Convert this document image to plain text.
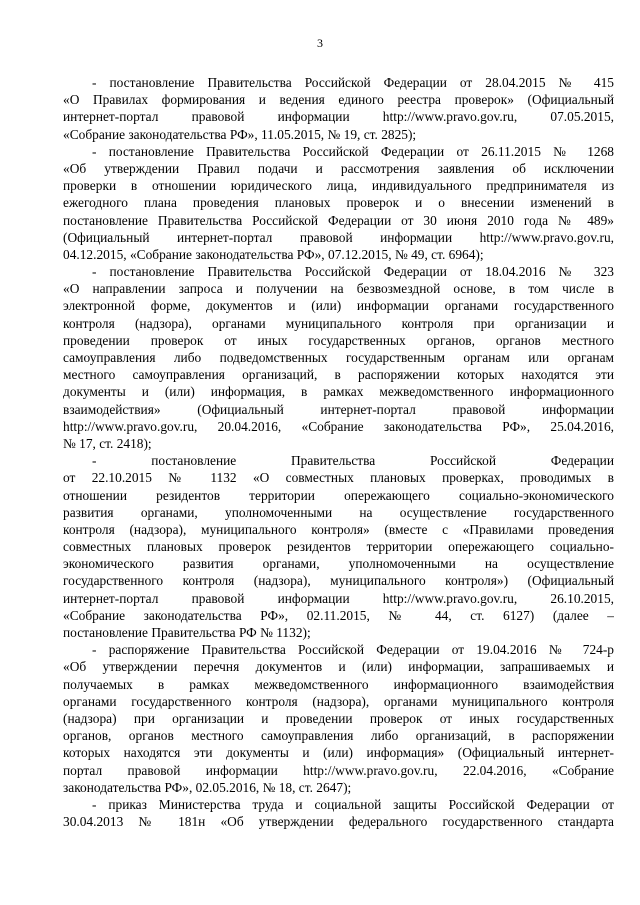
3
- постановление Правительства Российской Федерации от 28.04.2015 № 415
«О Правилах формирования и ведения единого реестра проверок» (Официальный
интернет-портал правовой информации http://www.pravo.gov.ru, 07.05.2015,
«Собрание законодательства РФ», 11.05.2015, № 19, ст. 2825);
- постановление Правительства Российской Федерации от 26.11.2015 № 1268
«Об утверждении Правил подачи и рассмотрения заявления об исключении
проверки в отношении юридического лица, индивидуального предпринимателя из
ежегодного плана проведения плановых проверок и о внесении изменений в
постановление Правительства Российской Федерации от 30 июня 2010 года № 489»
(Официальный интернет-портал правовой информации http://www.pravo.gov.ru,
04.12.2015, «Собрание законодательства РФ», 07.12.2015, № 49, ст. 6964);
- постановление Правительства Российской Федерации от 18.04.2016 № 323
«О направлении запроса и получении на безвозмездной основе, в том числе в
электронной форме, документов и (или) информации органами государственного
контроля (надзора), органами муниципального контроля при организации и
проведении проверок от иных государственных органов, органов местного
самоуправления либо подведомственных государственным органам или органам
местного самоуправления организаций, в распоряжении которых находятся эти
документы и (или) информация, в рамках межведомственного информационного
взаимодействия» (Официальный интернет-портал правовой информации
http://www.pravo.gov.ru, 20.04.2016, «Собрание законодательства РФ», 25.04.2016,
№ 17, ст. 2418);
- постановление Правительства Российской Федерации
от 22.10.2015 № 1132 «О совместных плановых проверках, проводимых в
отношении резидентов территории опережающего социально-экономического
развития органами, уполномоченными на осуществление государственного
контроля (надзора), муниципального контроля» (вместе с «Правилами проведения
совместных плановых проверок резидентов территории опережающего социально-
экономического развития органами, уполномоченными на осуществление
государственного контроля (надзора), муниципального контроля») (Официальный
интернет-портал правовой информации http://www.pravo.gov.ru, 26.10.2015,
«Собрание законодательства РФ», 02.11.2015, № 44, ст. 6127) (далее –
постановление Правительства РФ № 1132);
- распоряжение Правительства Российской Федерации от 19.04.2016 № 724-р
«Об утверждении перечня документов и (или) информации, запрашиваемых и
получаемых в рамках межведомственного информационного взаимодействия
органами государственного контроля (надзора), органами муниципального контроля
(надзора) при организации и проведении проверок от иных государственных
органов, органов местного самоуправления либо организаций, в распоряжении
которых находятся эти документы и (или) информация» (Официальный интернет-
портал правовой информации http://www.pravo.gov.ru, 22.04.2016, «Собрание
законодательства РФ», 02.05.2016, № 18, ст. 2647);
- приказ Министерства труда и социальной защиты Российской Федерации от
30.04.2013 № 181н «Об утверждении федерального государственного стандарта
